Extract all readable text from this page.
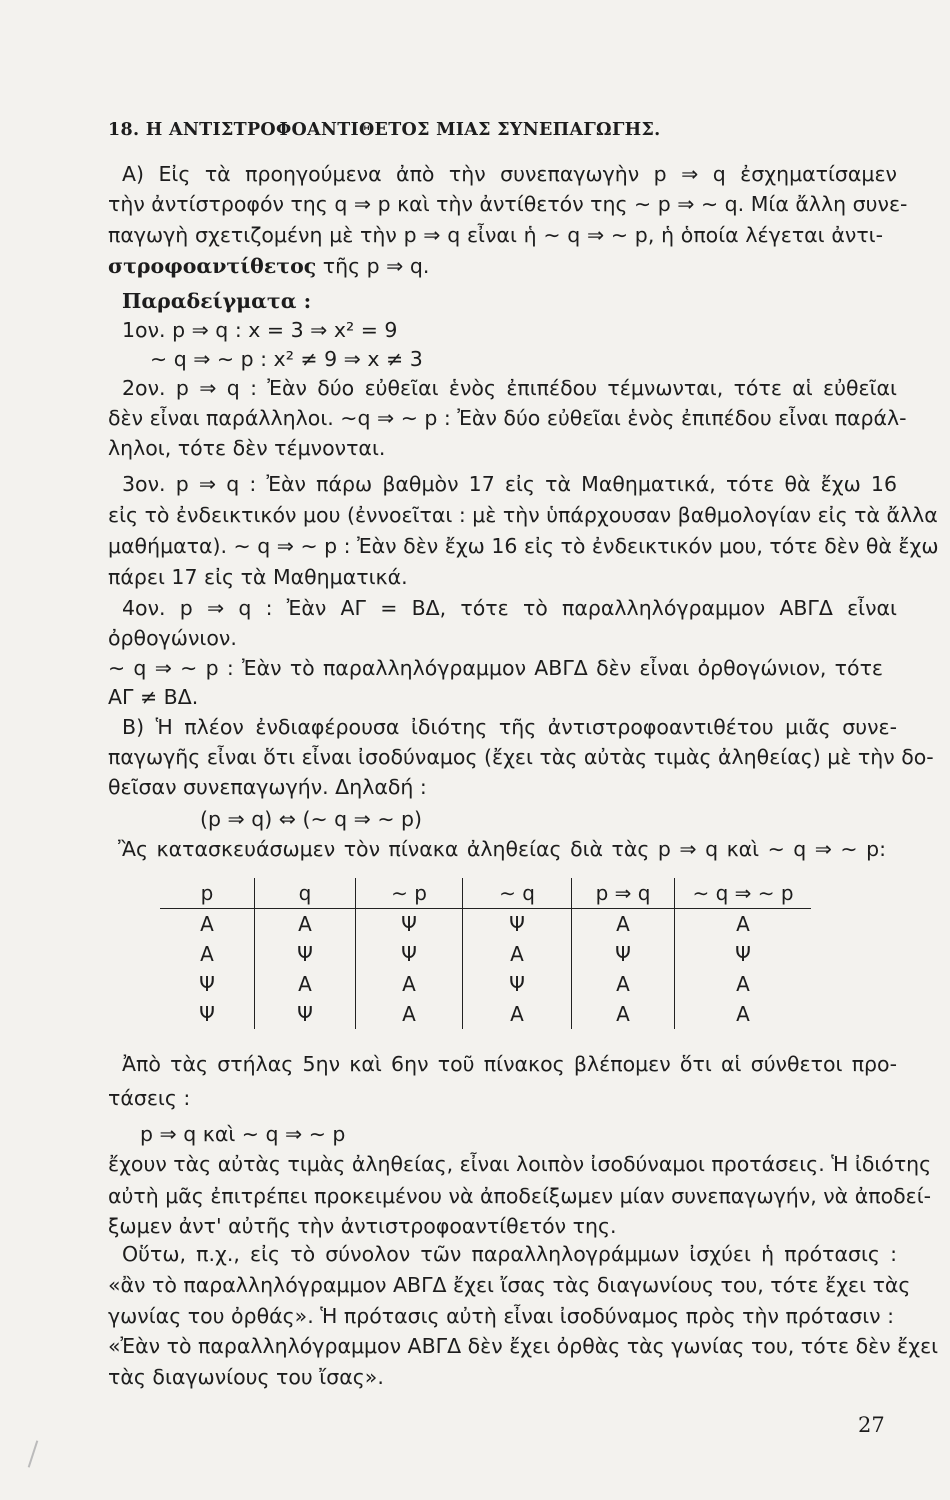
18. Η ΑΝΤΙΣΤΡΟΦΟΑΝΤΙΘΕΤΟΣ ΜΙΑΣ ΣΥΝΕΠΑΓΩΓΗΣ.
Α) Εἰς τὰ προηγούμενα ἀπὸ τὴν συνεπαγωγὴν p ⇒ q ἐσχηματίσαμεν
τὴν ἀντίστροφόν της q ⇒ p καὶ τὴν ἀντίθετόν της ∼ p ⇒ ∼ q. Μία ἄλλη συνε-
παγωγὴ σχετιζομένη μὲ τὴν p ⇒ q εἶναι ἡ ∼ q ⇒ ∼ p, ἡ ὁποία λέγεται ἀντι-
στροφοαντίθετος τῆς p ⇒ q.
Παραδείγματα :
1ον. p ⇒ q : x = 3 ⇒ x² = 9
∼ q ⇒ ∼ p : x² ≠ 9 ⇒ x ≠ 3
2ον. p ⇒ q : Ἐὰν δύο εὐθεῖαι ἑνὸς ἐπιπέδου τέμνωνται, τότε αἱ εὐθεῖαι
δὲν εἶναι παράλληλοι. ∼q ⇒ ∼ p : Ἐὰν δύο εὐθεῖαι ἑνὸς ἐπιπέδου εἶναι παράλ-
ληλοι, τότε δὲν τέμνονται.
3ον. p ⇒ q : Ἐὰν πάρω βαθμὸν 17 εἰς τὰ Μαθηματικά, τότε θὰ ἔχω 16
εἰς τὸ ἐνδεικτικόν μου (ἐννοεῖται : μὲ τὴν ὑπάρχουσαν βαθμολογίαν εἰς τὰ ἄλλα
μαθήματα). ∼ q ⇒ ∼ p : Ἐὰν δὲν ἔχω 16 εἰς τὸ ἐνδεικτικόν μου, τότε δὲν θὰ ἔχω
πάρει 17 εἰς τὰ Μαθηματικά.
4ον. p ⇒ q : Ἐὰν ΑΓ = ΒΔ, τότε τὸ παραλληλόγραμμον ΑΒΓΔ εἶναι
ὀρθογώνιον.
∼ q ⇒ ∼ p : Ἐὰν τὸ παραλληλόγραμμον ΑΒΓΔ δὲν εἶναι ὀρθογώνιον, τότε
ΑΓ ≠ ΒΔ.
Β) Ἡ πλέον ἐνδιαφέρουσα ἰδιότης τῆς ἀντιστροφοαντιθέτου μιᾶς συνε-
παγωγῆς εἶναι ὅτι εἶναι ἰσοδύναμος (ἔχει τὰς αὐτὰς τιμὰς ἀληθείας) μὲ τὴν δο-
θεῖσαν συνεπαγωγήν. Δηλαδή :
(p ⇒ q) ⇔ (∼ q ⇒ ∼ p)
Ἂς κατασκευάσωμεν τὸν πίνακα ἀληθείας διὰ τὰς p ⇒ q καὶ ∼ q ⇒ ∼ p:
p	q	∼ p	∼ q	p ⇒ q	∼ q ⇒ ∼ p
Α	Α	Ψ	Ψ	Α	Α
Α	Ψ	Ψ	Α	Ψ	Ψ
Ψ	Α	Α	Ψ	Α	Α
Ψ	Ψ	Α	Α	Α	Α
Ἀπὸ τὰς στήλας 5ην καὶ 6ην τοῦ πίνακος βλέπομεν ὅτι αἱ σύνθετοι προ-
τάσεις :
p ⇒ q καὶ ∼ q ⇒ ∼ p
ἔχουν τὰς αὐτὰς τιμὰς ἀληθείας, εἶναι λοιπὸν ἰσοδύναμοι προτάσεις. Ἡ ἰδιότης
αὐτὴ μᾶς ἐπιτρέπει προκειμένου νὰ ἀποδείξωμεν μίαν συνεπαγωγήν, νὰ ἀποδεί-
ξωμεν ἀντ' αὐτῆς τὴν ἀντιστροφοαντίθετόν της.
Οὕτω, π.χ., εἰς τὸ σύνολον τῶν παραλληλογράμμων ἰσχύει ἡ πρότασις :
«ἂν τὸ παραλληλόγραμμον ΑΒΓΔ ἔχει ἴσας τὰς διαγωνίους του, τότε ἔχει τὰς
γωνίας του ὀρθάς». Ἡ πρότασις αὐτὴ εἶναι ἰσοδύναμος πρὸς τὴν πρότασιν :
«Ἐὰν τὸ παραλληλόγραμμον ΑΒΓΔ δὲν ἔχει ὀρθὰς τὰς γωνίας του, τότε δὲν ἔχει
τὰς διαγωνίους του ἴσας».
27
